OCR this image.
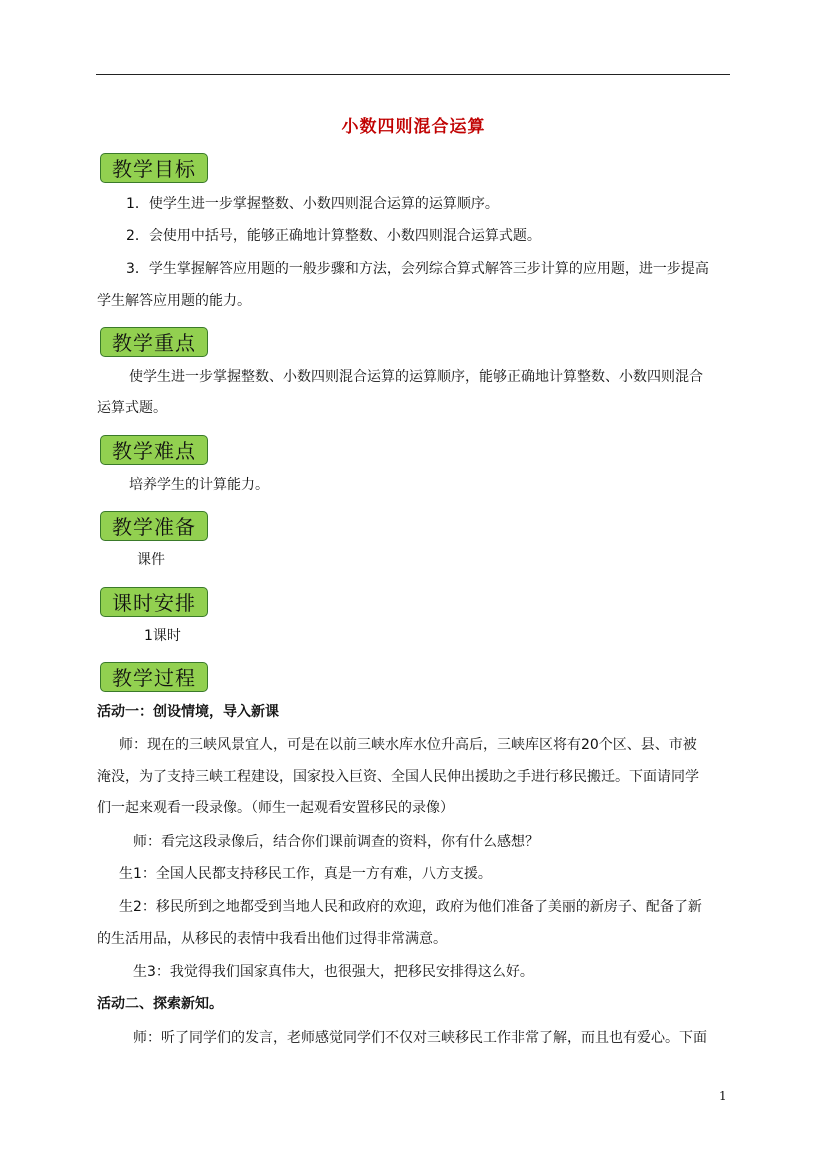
小数四则混合运算
教学目标
1．使学生进一步掌握整数、小数四则混合运算的运算顺序。
2．会使用中括号，能够正确地计算整数、小数四则混合运算式题。
3．学生掌握解答应用题的一般步骤和方法，会列综合算式解答三步计算的应用题，进一步提高
学生解答应用题的能力。
教学重点
使学生进一步掌握整数、小数四则混合运算的运算顺序，能够正确地计算整数、小数四则混合
运算式题。
教学难点
培养学生的计算能力。
教学准备
课件
课时安排
1课时
教学过程
活动一：创设情境，导入新课
师：现在的三峡风景宜人，可是在以前三峡水库水位升高后，三峡库区将有20个区、县、市被
淹没，为了支持三峡工程建设，国家投入巨资、全国人民伸出援助之手进行移民搬迁。下面请同学
们一起来观看一段录像。（师生一起观看安置移民的录像）
师：看完这段录像后，结合你们课前调查的资料，你有什么感想？
生1：全国人民都支持移民工作，真是一方有难，八方支援。
生2：移民所到之地都受到当地人民和政府的欢迎，政府为他们准备了美丽的新房子、配备了新
的生活用品，从移民的表情中我看出他们过得非常满意。
生3：我觉得我们国家真伟大，也很强大，把移民安排得这么好。
活动二、探索新知。
师：听了同学们的发言，老师感觉同学们不仅对三峡移民工作非常了解，而且也有爱心。下面
1
